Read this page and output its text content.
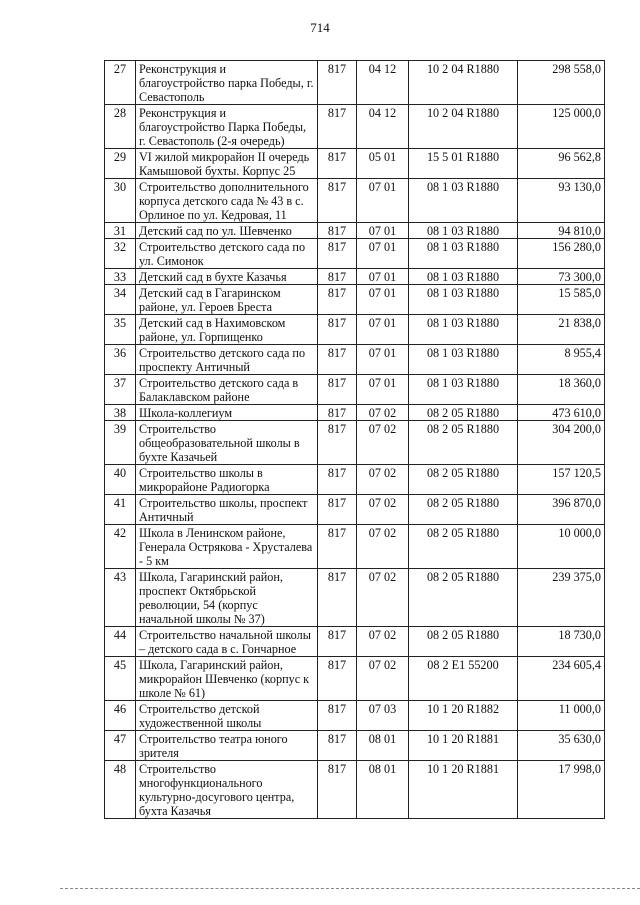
714
27	Реконструкция и благоустройство парка Победы, г. Севастополь	817	04 12	10 2 04 R1880	298 558,0
28	Реконструкция и благоустройство Парка Победы, г. Севастополь (2-я очередь)	817	04 12	10 2 04 R1880	125 000,0
29	VI жилой микрорайон II очередь Камышовой бухты. Корпус 25	817	05 01	15 5 01 R1880	96 562,8
30	Строительство дополнительного корпуса детского сада № 43 в с. Орлиное по ул. Кедровая, 11	817	07 01	08 1 03 R1880	93 130,0
31	Детский сад по ул. Шевченко	817	07 01	08 1 03 R1880	94 810,0
32	Строительство детского сада по ул. Симонок	817	07 01	08 1 03 R1880	156 280,0
33	Детский сад в бухте Казачья	817	07 01	08 1 03 R1880	73 300,0
34	Детский сад в Гагаринском районе, ул. Героев Бреста	817	07 01	08 1 03 R1880	15 585,0
35	Детский сад в Нахимовском районе, ул. Горпищенко	817	07 01	08 1 03 R1880	21 838,0
36	Строительство детского сада по проспекту Античный	817	07 01	08 1 03 R1880	8 955,4
37	Строительство детского сада в Балаклавском районе	817	07 01	08 1 03 R1880	18 360,0
38	Школа-коллегиум	817	07 02	08 2 05 R1880	473 610,0
39	Строительство общеобразовательной школы в бухте Казачьей	817	07 02	08 2 05 R1880	304 200,0
40	Строительство школы в микрорайоне Радиогорка	817	07 02	08 2 05 R1880	157 120,5
41	Строительство школы, проспект Античный	817	07 02	08 2 05 R1880	396 870,0
42	Школа в Ленинском районе, Генерала Острякова - Хрусталева - 5 км	817	07 02	08 2 05 R1880	10 000,0
43	Школа, Гагаринский район, проспект Октябрьской революции, 54 (корпус начальной школы № 37)	817	07 02	08 2 05 R1880	239 375,0
44	Строительство начальной школы – детского сада в с. Гончарное	817	07 02	08 2 05 R1880	18 730,0
45	Школа, Гагаринский район, микрорайон Шевченко (корпус к школе № 61)	817	07 02	08 2 E1 55200	234 605,4
46	Строительство детской художественной школы	817	07 03	10 1 20 R1882	11 000,0
47	Строительство театра юного зрителя	817	08 01	10 1 20 R1881	35 630,0
48	Строительство многофункционального культурно-досугового центра, бухта Казачья	817	08 01	10 1 20 R1881	17 998,0
